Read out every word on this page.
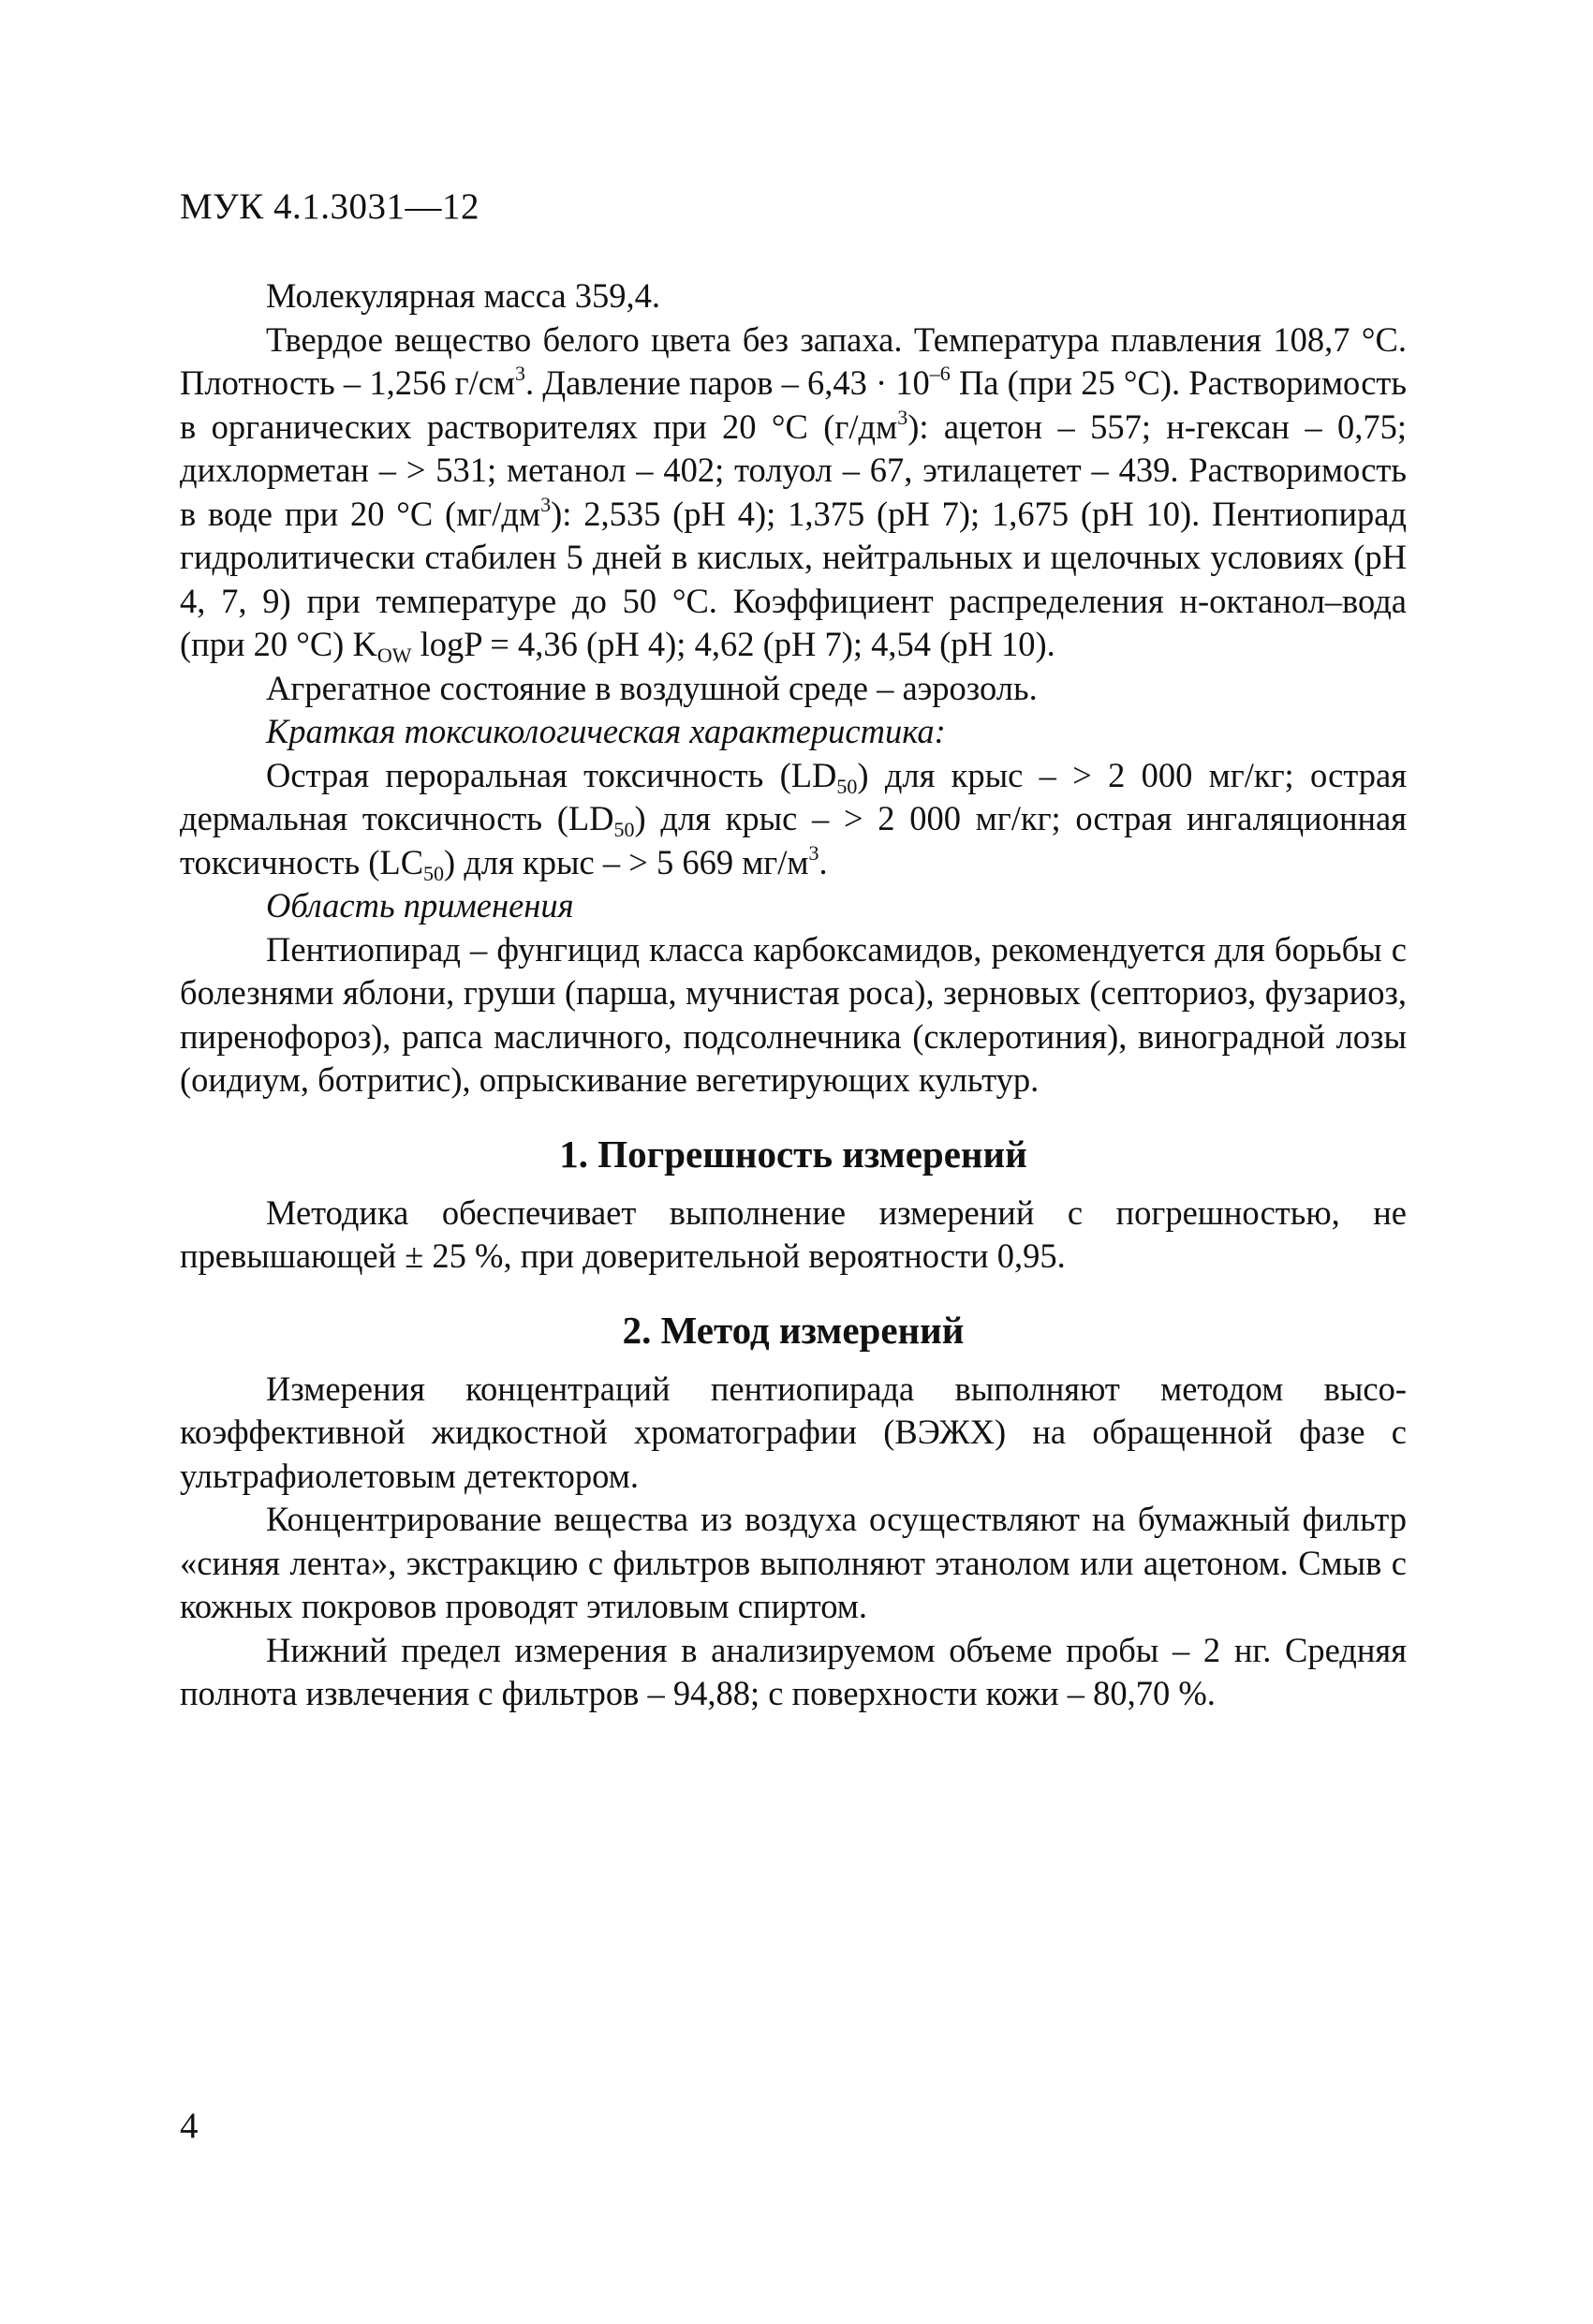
МУК 4.1.3031—12

Молекулярная масса 359,4.

Твердое вещество белого цвета без запаха. Температура плавления 108,7 °С. Плотность – 1,256 $г/см^3$. Давление паров – $6,43 \cdot 10^{-6}$ Па (при 25 °С). Растворимость в органических растворителях при 20 °С $(г/дм^3)$: ацетон – 557; н-гексан – 0,75; дихлорметан – > 531; метанол – 402; толуол – 67, этилацетет – 439. Растворимость в воде при 20 °С $(мг/дм^3)$: 2,535 (рН 4); 1,375 (рН 7); 1,675 (рН 10). Пентиопирад гидролитически стабилен 5 дней в кислых, нейтральных и щелочных условиях (рН 4, 7, 9) при температуре до 50 °С. Коэффициент распределения н-октанол–вода (при 20 °С) $K_{OW}$ logP = 4,36 (рН 4); 4,62 (рН 7); 4,54 (рН 10).

Агрегатное состояние в воздушной среде – аэрозоль.

Краткая токсикологическая характеристика:

Острая пероральная токсичность $(LD_{50})$ для крыс – > 2 000 мг/кг; острая дермальная токсичность $(LD_{50})$ для крыс – > 2 000 мг/кг; острая ингаляционная токсичность $(LC_{50})$ для крыс – > 5 669 $мг/м^3$.

Область применения

Пентиопирад – фунгицид класса карбоксамидов, рекомендуется для борьбы с болезнями яблони, груши (парша, мучнистая роса), зерновых (септориоз, фузариоз, пиренофороз), рапса масличного, подсолнечника (склеротиния), виноградной лозы (оидиум, ботритис), опрыскивание вегетирующих культур.

1. Погрешность измерений

Методика обеспечивает выполнение измерений с погрешностью, не превышающей ± 25 %, при доверительной вероятности 0,95.

2. Метод измерений

Измерения концентраций пентиопирада выполняют методом высокоэффективной жидкостной хроматографии (ВЭЖХ) на обращенной фазе с ультрафиолетовым детектором.

Концентрирование вещества из воздуха осуществляют на бумажный фильтр «синяя лента», экстракцию с фильтров выполняют этанолом или ацетоном. Смыв с кожных покровов проводят этиловым спиртом.

Нижний предел измерения в анализируемом объеме пробы – 2 нг. Средняя полнота извлечения с фильтров – 94,88; с поверхности кожи – 80,70 %.

4
